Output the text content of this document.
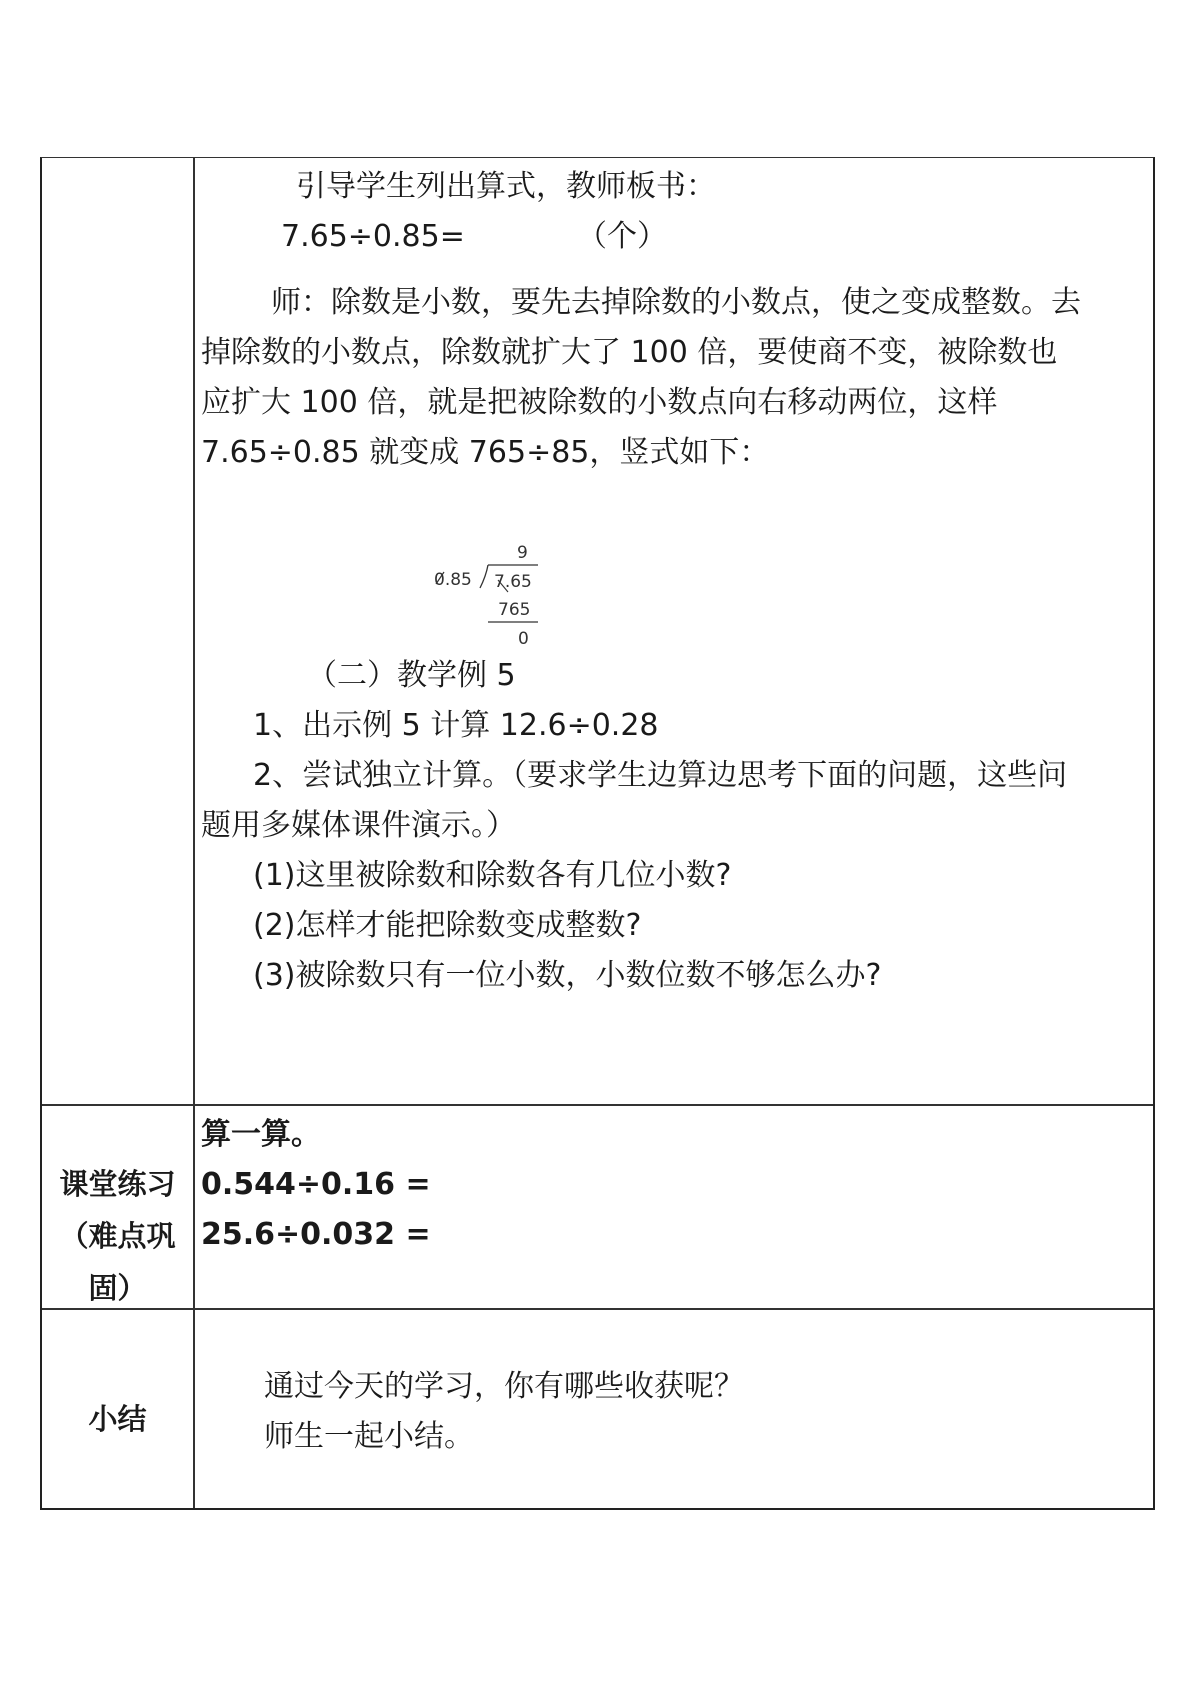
引导学生列出算式，教师板书：
7.65÷0.85=	（个）
师：除数是小数，要先去掉除数的小数点，使之变成整数。去
掉除数的小数点，除数就扩大了 100 倍，要使商不变，被除数也
应扩大 100 倍，就是把被除数的小数点向右移动两位，这样
7.65÷0.85 就变成 765÷85，竖式如下：
9
0.85 7.65
765
0
（二）教学例 5
1、出示例 5 计算 12.6÷0.28
2、尝试独立计算。（要求学生边算边思考下面的问题，这些问
题用多媒体课件演示。）
(1)这里被除数和除数各有几位小数?
(2)怎样才能把除数变成整数?
(3)被除数只有一位小数，小数位数不够怎么办?
课堂练习
（难点巩
固）
算一算。
0.544÷0.16 =
25.6÷0.032 =
小结
通过今天的学习，你有哪些收获呢？
师生一起小结。
